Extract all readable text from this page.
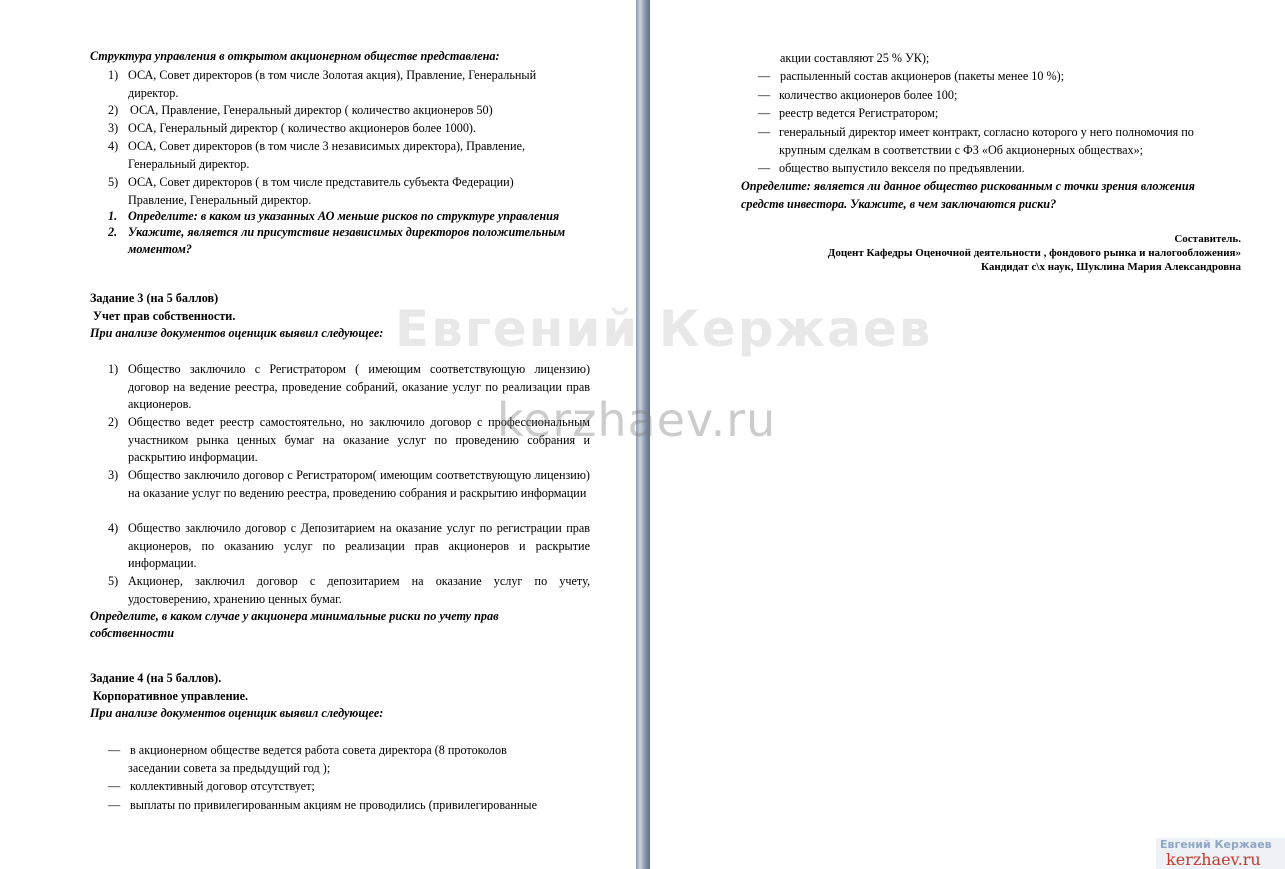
Структура управления в открытом акционерном обществе представлена:
1) ОСА, Совет директоров (в том числе Золотая акция), Правление, Генеральный
директор.
2) ОСА, Правление, Генеральный директор ( количество акционеров 50)
3) ОСА, Генеральный директор ( количество акционеров более 1000).
4) ОСА, Совет директоров (в том числе 3 независимых директора), Правление,
Генеральный директор.
5) ОСА, Совет директоров ( в том числе представитель субъекта Федерации)
Правление, Генеральный директор.
1. Определите: в каком из указанных АО меньше рисков по структуре управления
2. Укажите, является ли присутствие независимых директоров положительным
моментом?
Задание 3 (на 5 баллов)
Учет прав собственности.
При анализе документов оценщик выявил следующее:
1) Общество заключило с Регистратором ( имеющим соответствующую лицензию) договор на ведение реестра, проведение собраний, оказание услуг по реализации прав акционеров.
2) Общество ведет реестр самостоятельно, но заключило договор с профессиональным участником рынка ценных бумаг на оказание услуг по проведению собрания и раскрытию информации.
3) Общество заключило договор с Регистратором( имеющим соответствующую лицензию) на оказание услуг по ведению реестра, проведению собрания и раскрытию информации
4) Общество заключило договор с Депозитарием на оказание услуг по регистрации прав акционеров, по оказанию услуг по реализации прав акционеров и раскрытие информации.
5) Акционер, заключил договор с депозитарием на оказание услуг по учету, удостоверению, хранению ценных бумаг.
Определите, в каком случае у акционера минимальные риски по учету прав
собственности
Задание 4 (на 5 баллов).
Корпоративное управление.
При анализе документов оценщик выявил следующее:
— в акционерном обществе ведется работа совета директора (8 протоколов
заседании совета за предыдущий год );
— коллективный договор отсутствует;
— выплаты по привилегированным акциям не проводились (привилегированные
акции составляют 25 % УК);
— распыленный состав акционеров (пакеты менее 10 %);
— количество акционеров более 100;
— реестр ведется Регистратором;
— генеральный директор имеет контракт, согласно которого у него полномочия по
крупным сделкам в соответствии с ФЗ «Об акционерных обществах»;
— общество выпустило векселя по предъявлении.
Определите: является ли данное общество рискованным с точки зрения вложения
средств инвестора. Укажите, в чем заключаются риски?
Составитель.
Доцент Кафедры Оценочной деятельности , фондового рынка и налогообложения»
Кандидат с\х наук, Шуклина Мария Александровна
Евгений Кержаев
kerzhaev.ru
Евгений Кержаев
kerzhaev.ru
